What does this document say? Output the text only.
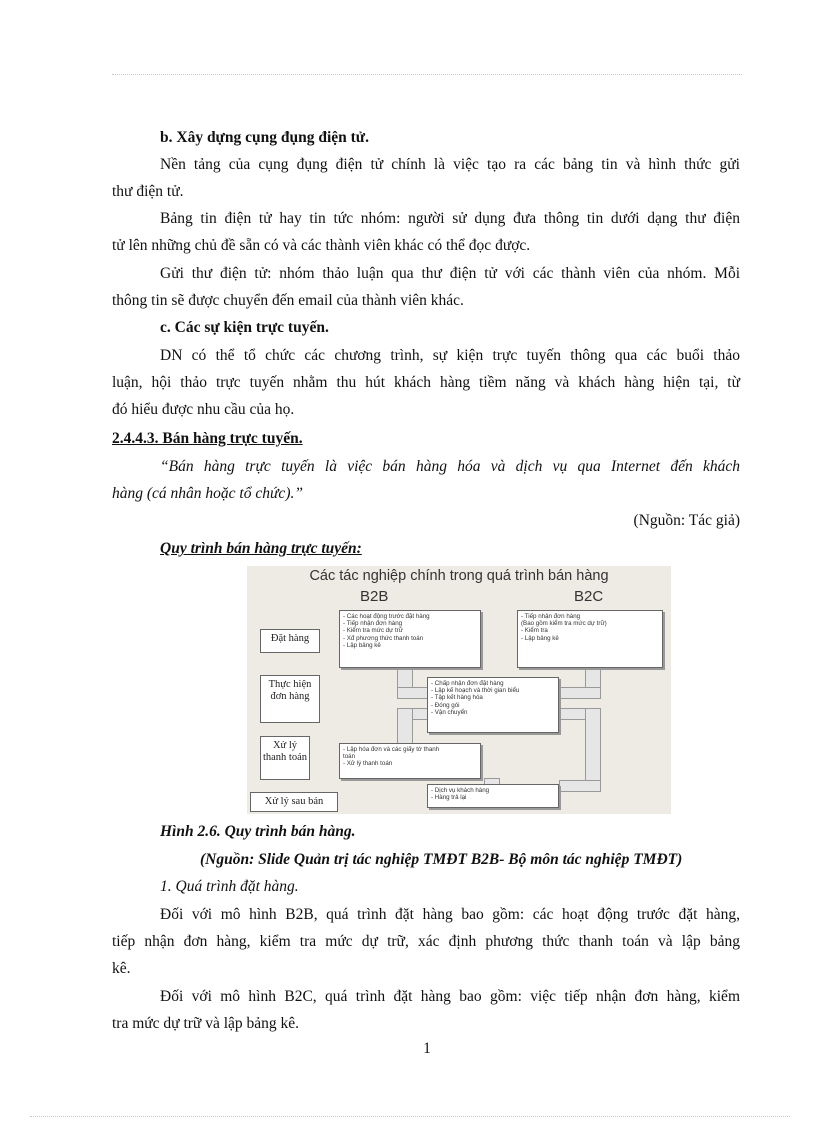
b. Xây dựng cụng đụng điện tử.
Nền tảng của cụng đụng điện tử chính là việc tạo ra các bảng tin và hình thức gửi
thư điện tử.
Bảng tin điện tử hay tin tức nhóm: người sử dụng đưa thông tin dưới dạng thư điện
tử lên những chủ đề sẵn có và các thành viên khác có thể đọc được.
Gửi thư điện tử: nhóm thảo luận qua thư điện tử với các thành viên của nhóm. Mỗi
thông tin sẽ được chuyển đến email của thành viên khác.
c. Các sự kiện trực tuyến.
DN có thể tổ chức các chương trình, sự kiện trực tuyến thông qua các buổi thảo
luận, hội thảo trực tuyến nhằm thu hút khách hàng tiềm năng và khách hàng hiện tại, từ
đó hiểu được nhu cầu của họ.
2.4.4.3. Bán hàng trực tuyến.
“Bán hàng trực tuyến là việc bán hàng hóa và dịch vụ qua Internet đến khách
hàng (cá nhân hoặc tổ chức).”
(Nguồn: Tác giả)
Quy trình bán hàng trực tuyến:
Các tác nghiệp chính trong quá trình bán hàng
B2B	B2C
Đặt hàng
Thực hiện đơn hàng
Xử lý thanh toán
Xử lý sau bán
- Các hoạt động trước đặt hàng
- Tiếp nhận đơn hàng
- Kiểm tra mức dự trữ
- Xđ phương thức thanh toán
- Lập bảng kê
- Tiếp nhận đơn hàng
(Bao gồm kiểm tra mức dự trữ)
- Kiểm tra
- Lập bảng kê
- Chấp nhận đơn đặt hàng
- Lập kế hoạch và thời gian biểu
- Tập kết hàng hóa
- Đóng gói
- Vận chuyển
- Lập hóa đơn và các giấy tờ thanh
toán
- Xử lý thanh toán
- Dịch vụ khách hàng
- Hàng trả lại
Hình 2.6. Quy trình bán hàng.
(Nguồn: Slide Quản trị tác nghiệp TMĐT B2B- Bộ môn tác nghiệp TMĐT)
1. Quá trình đặt hàng.
Đối với mô hình B2B, quá trình đặt hàng bao gồm: các hoạt động trước đặt hàng,
tiếp nhận đơn hàng, kiểm tra mức dự trữ, xác định phương thức thanh toán và lập bảng
kê.
Đối với mô hình B2C, quá trình đặt hàng bao gồm: việc tiếp nhận đơn hàng, kiểm
tra mức dự trữ và lập bảng kê.
1
